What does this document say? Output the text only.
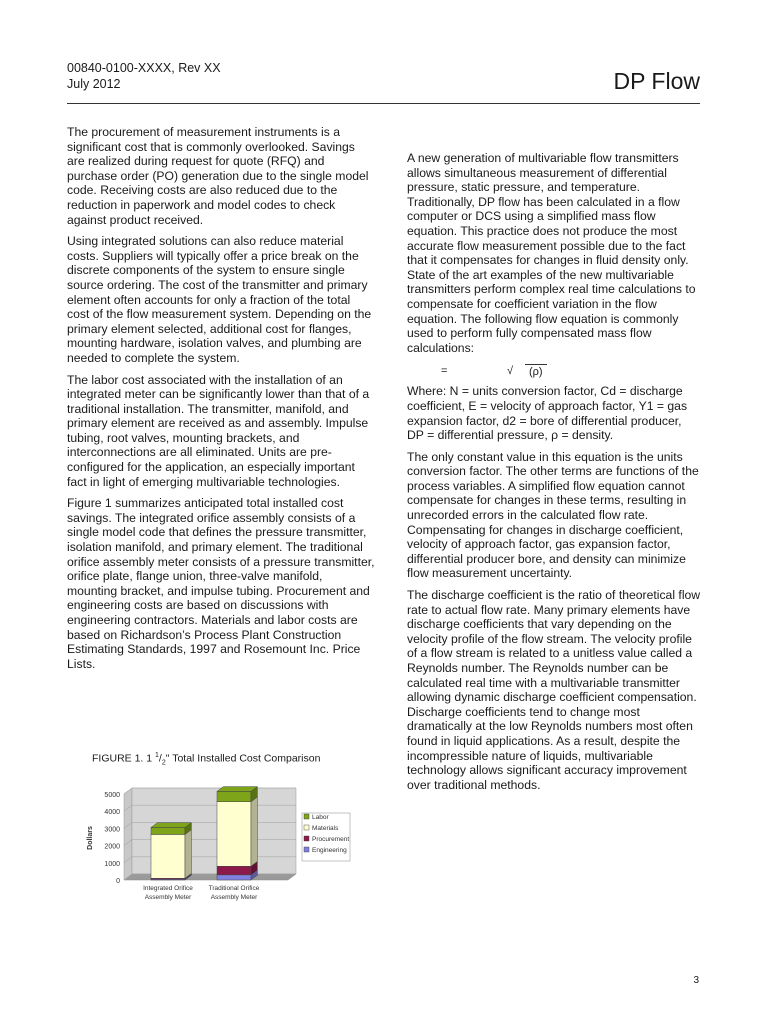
00840-0100-XXXX, Rev XX
July 2012	DP Flow

The procurement of measurement instruments is a significant cost that is commonly overlooked. Savings are realized during request for quote (RFQ) and purchase order (PO) generation due to the single model code. Receiving costs are also reduced due to the reduction in paperwork and model codes to check against product received.

Using integrated solutions can also reduce material costs. Suppliers will typically offer a price break on the discrete components of the system to ensure single source ordering. The cost of the transmitter and primary element often accounts for only a fraction of the total cost of the flow measurement system. Depending on the primary element selected, additional cost for flanges, mounting hardware, isolation valves, and plumbing are needed to complete the system.

The labor cost associated with the installation of an integrated meter can be significantly lower than that of a traditional installation. The transmitter, manifold, and primary element are received as and assembly. Impulse tubing, root valves, mounting brackets, and interconnections are all eliminated. Units are pre-configured for the application, an especially important fact in light of emerging multivariable technologies.

Figure 1 summarizes anticipated total installed cost savings. The integrated orifice assembly consists of a single model code that defines the pressure transmitter, isolation manifold, and primary element. The traditional orifice assembly meter consists of a pressure transmitter, orifice plate, flange union, three-valve manifold, mounting bracket, and impulse tubing. Procurement and engineering costs are based on discussions with engineering contractors. Materials and labor costs are based on Richardson’s Process Plant Construction Estimating Standards, 1997 and Rosemount Inc. Price Lists.

FIGURE 1. 1 $^1/_2$" Total Installed Cost Comparison
0
1000
2000
3000
4000
5000
Dollars
Integrated Orifice
Assembly Meter
Traditional Orifice
Assembly Meter
Labor
Materials
Procurement
Engineering

A new generation of multivariable flow transmitters allows simultaneous measurement of differential pressure, static pressure, and temperature. Traditionally, DP flow has been calculated in a flow computer or DCS using a simplified mass flow equation. This practice does not produce the most accurate flow measurement possible due to the fact that it compensates for changes in fluid density only. State of the art examples of the new multivariable transmitters perform complex real time calculations to compensate for coefficient variation in the flow equation. The following flow equation is commonly used to perform fully compensated mass flow calculations:

=	√	(ρ)

Where: N = units conversion factor, Cd = discharge coefficient, E = velocity of approach factor, Y1 = gas expansion factor, d2 = bore of differential producer, DP = differential pressure, ρ = density.

The only constant value in this equation is the units conversion factor. The other terms are functions of the process variables. A simplified flow equation cannot compensate for changes in these terms, resulting in unrecorded errors in the calculated flow rate. Compensating for changes in discharge coefficient, velocity of approach factor, gas expansion factor, differential producer bore, and density can minimize flow measurement uncertainty.

The discharge coefficient is the ratio of theoretical flow rate to actual flow rate. Many primary elements have discharge coefficients that vary depending on the velocity profile of the flow stream. The velocity profile of a flow stream is related to a unitless value called a Reynolds number. The Reynolds number can be calculated real time with a multivariable transmitter allowing dynamic discharge coefficient compensation. Discharge coefficients tend to change most dramatically at the low Reynolds numbers most often found in liquid applications. As a result, despite the incompressible nature of liquids, multivariable technology allows significant accuracy improvement over traditional methods.

3
